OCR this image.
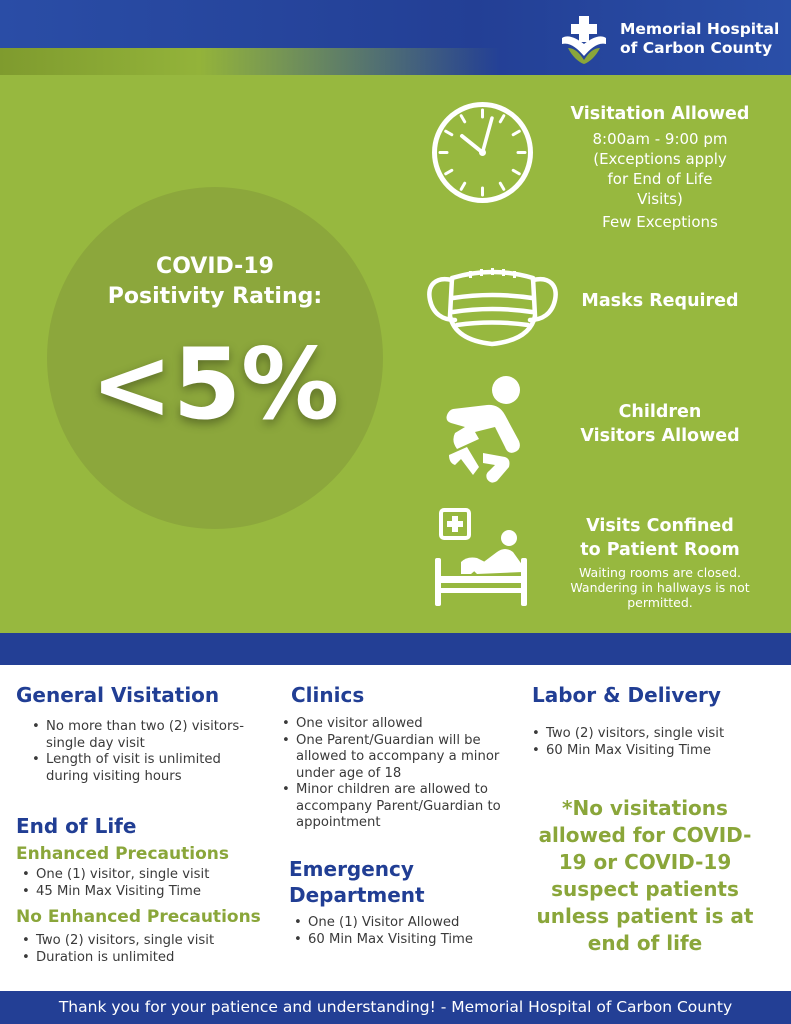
Memorial Hospital
of Carbon County
COVID-19
Positivity Rating:
<5%
Visitation Allowed
8:00am - 9:00 pm
(Exceptions apply
for End of Life
Visits)
Few Exceptions
Masks Required
Children
Visitors Allowed
Visits Confined
to Patient Room
Waiting rooms are closed.
Wandering in hallways is not
permitted.
General Visitation
• No more than two (2) visitors-
single day visit
• Length of visit is unlimited
during visiting hours
End of Life
Enhanced Precautions
• One (1) visitor, single visit
• 45 Min Max Visiting Time
No Enhanced Precautions
• Two (2) visitors, single visit
• Duration is unlimited
Clinics
• One visitor allowed
• One Parent/Guardian will be
allowed to accompany a minor
under age of 18
• Minor children are allowed to
accompany Parent/Guardian to
appointment
Emergency
Department
• One (1) Visitor Allowed
• 60 Min Max Visiting Time
Labor & Delivery
• Two (2) visitors, single visit
• 60 Min Max Visiting Time
*No visitations
allowed for COVID-
19 or COVID-19
suspect patients
unless patient is at
end of life
Thank you for your patience and understanding! - Memorial Hospital of Carbon County
